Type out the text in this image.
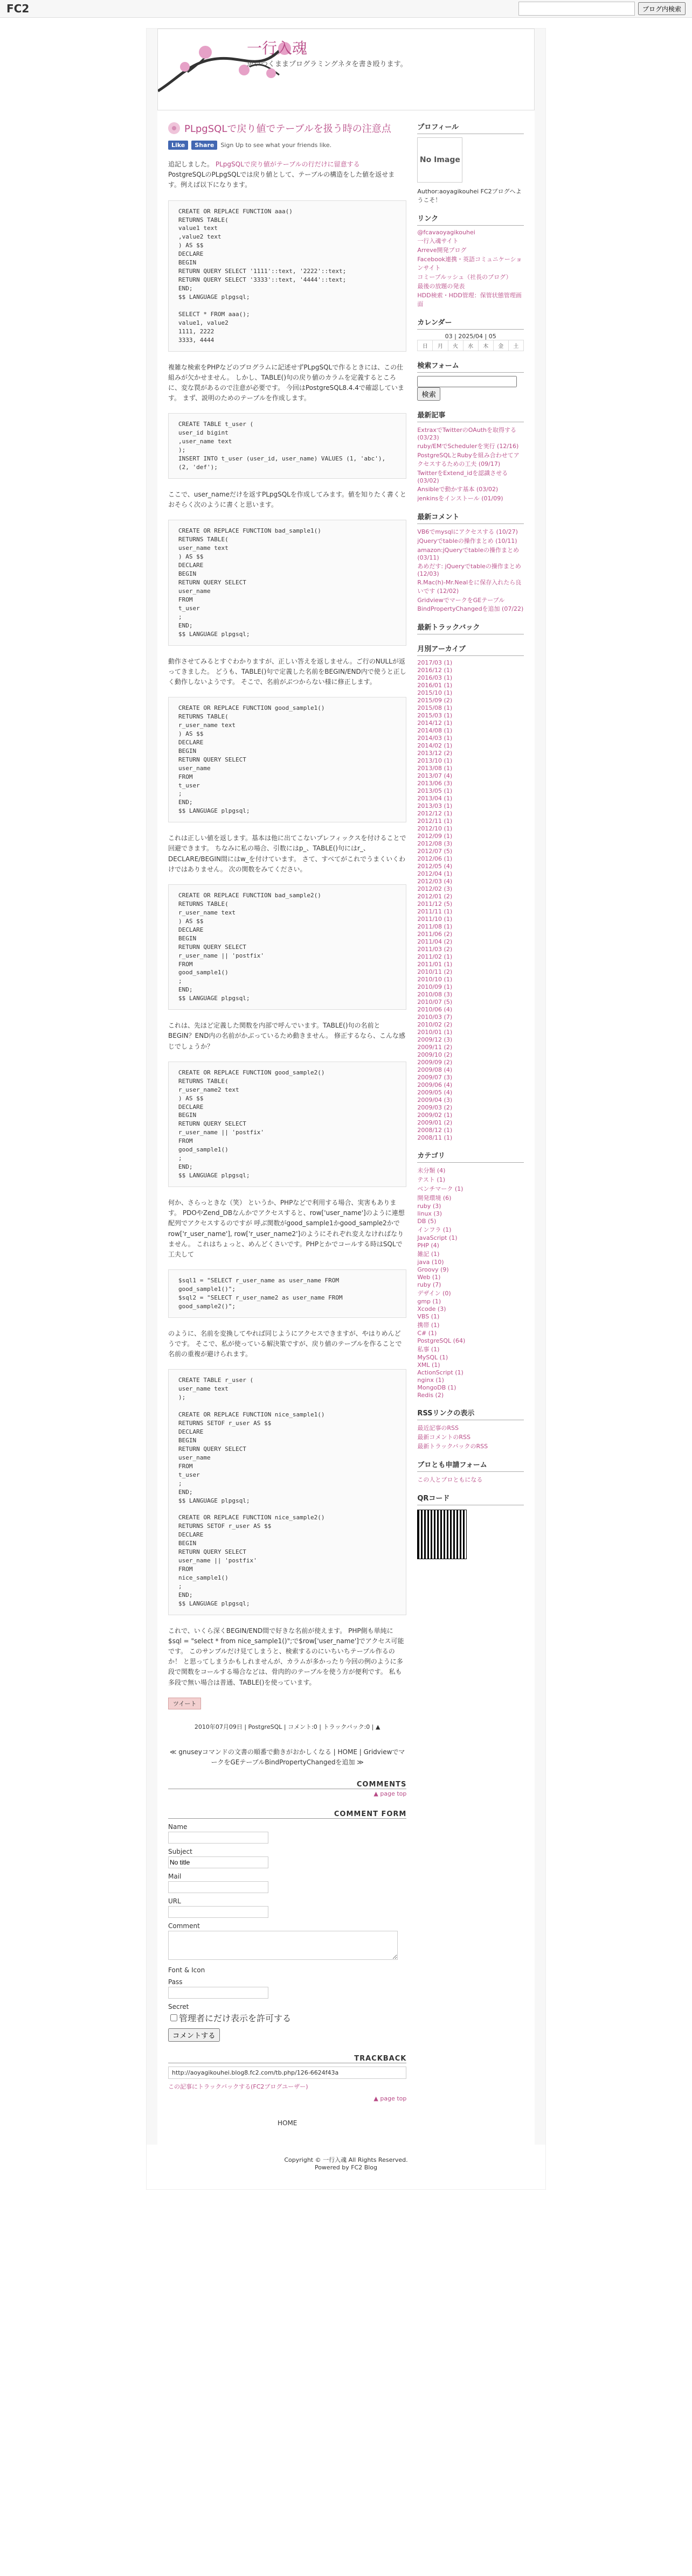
FC2	ブログ内検索
一行入魂
思いつくままプログラミングネタを書き殴ります。
PLpgSQLで戻り値でテーブルを扱う時の注意点
Like	Share	Sign Up to see what your friends like.
追記しました。 PLpgSQLで戻り値がテーブルの行だけに留意する
PostgreSQLのPLpgSQLでは戻り値として、テーブルの構造をした値を返せます。例えば以下になります。
CREATE OR REPLACE FUNCTION aaa()
RETURNS TABLE(
value1 text
,value2 text
) AS $$
DECLARE
BEGIN
RETURN QUERY SELECT '1111'::text, '2222'::text;
RETURN QUERY SELECT '3333'::text, '4444'::text;
END;
$$ LANGUAGE plpgsql;

SELECT * FROM aaa();
value1, value2
1111, 2222
3333, 4444
複雑な検索をPHPなどのプログラムに記述せずPLpgSQLで作るときには、この仕組みが欠かせません。 しかし、TABLE()句の戻り値のカラムを定義するところに、変な罠があるので注意が必要です。 今回はPostgreSQL8.4.4で確認しています。 まず、説明のためのテーブルを作成します。
CREATE TABLE t_user (
user_id bigint
,user_name text
);
INSERT INTO t_user (user_id, user_name) VALUES (1, 'abc'), (2, 'def');
ここで、user_nameだけを返すPLpgSQLを作成してみます。値を知りたく書くとおそらく次のように書くと思います。
CREATE OR REPLACE FUNCTION bad_sample1()
RETURNS TABLE(
user_name text
) AS $$
DECLARE
BEGIN
RETURN QUERY SELECT
user_name
FROM
t_user
;
END;
$$ LANGUAGE plpgsql;
動作させてみるとすぐわかりますが、正しい答えを返しません。ご行のNULLが返ってきました。 どうも、TABLE()句で定義した名前をBEGIN/END内で使うと正しく動作しないようです。 そこで、名前がぶつからない様に修正します。
CREATE OR REPLACE FUNCTION good_sample1()
RETURNS TABLE(
r_user_name text
) AS $$
DECLARE
BEGIN
RETURN QUERY SELECT
user_name
FROM
t_user
;
END;
$$ LANGUAGE plpgsql;
これは正しい値を返します。基本は他に出てこないプレフィックスを付けることで回避できます。 ちなみに私の場合、引数にはp_、TABLE()句にはr_、DECLARE/BEGIN間にはw_を付けています。 さて、すべてがこれでうまくいくわけではありません。 次の関数をみてください。
CREATE OR REPLACE FUNCTION bad_sample2()
RETURNS TABLE(
r_user_name text
) AS $$
DECLARE
BEGIN
RETURN QUERY SELECT
r_user_name || 'postfix'
FROM
good_sample1()
;
END;
$$ LANGUAGE plpgsql;
これは、先ほど定義した関数を内部で呼んでいます。TABLE()句の名前とBEGIN？END内の名前がかぶっているため動きません。 修正するなら、こんな感じでしょうか？
CREATE OR REPLACE FUNCTION good_sample2()
RETURNS TABLE(
r_user_name2 text
) AS $$
DECLARE
BEGIN
RETURN QUERY SELECT
r_user_name || 'postfix'
FROM
good_sample1()
;
END;
$$ LANGUAGE plpgsql;
何か、さらっときな（笑） というか、PHPなどで利用する場合、実害もあります。 PDOやZend_DBなんかでアクセスすると、row['user_name']のように連想配列でアクセスするのですが 呼ぶ関数がgood_sample1かgood_sample2かでrow['r_user_name'], row['r_user_name2']のようにそれぞれ変えなければなりません。 これはちょっと、めんどくさいです。PHPとかでコールする時はSQLで工夫して
$sql1 = "SELECT r_user_name as user_name FROM good_sample1()";
$sql2 = "SELECT r_user_name2 as user_name FROM good_sample2()";
のように、名前を変換してやれば同じようにアクセスできますが、やはりめんどうです。 そこで、私が使っている解決策ですが、戻り値のテーブルを作ることで名前の重複が避けられます。
CREATE TABLE r_user (
user_name text
);

CREATE OR REPLACE FUNCTION nice_sample1()
RETURNS SETOF r_user AS $$
DECLARE
BEGIN
RETURN QUERY SELECT
user_name
FROM
t_user
;
END;
$$ LANGUAGE plpgsql;

CREATE OR REPLACE FUNCTION nice_sample2()
RETURNS SETOF r_user AS $$
DECLARE
BEGIN
RETURN QUERY SELECT
user_name || 'postfix'
FROM
nice_sample1()
;
END;
$$ LANGUAGE plpgsql;
これで、いくら深くBEGIN/END間で好きな名前が使えます。 PHP側も単純に$sql = "select * from nice_sample1()";で$row['user_name']でアクセス可能です。 このサンプルだけ見てしまうと、検索するのにいちいちテーブル作るのか！ と思ってしまうかもしれませんが、カラムが多かったり今回の例のように多段で関数をコールする場合などは、骨肉的のテーブルを使う方が便利です。 私も多段で無い場合は普通、TABLE()を使っています。
ツイート
2010年07月09日 | PostgreSQL | コメント:0 | トラックバック:0 | ▲
≪ gnuseyコマンドの文書の順番で動きがおかしくなる | HOME | GridviewでマークをGEテーブルBindPropertyChangedを追加 ≫
COMMENTS
▲ page top
COMMENT FORM
Name
Subject
No title
Mail
URL
Comment
Font & Icon
Pass
Secret
管理者にだけ表示を許可する
コメントする
TRACKBACK
http://aoyagikouhei.blog8.fc2.com/tb.php/126-6624f43a
この記事にトラックバックする(FC2ブログユーザー)
▲ page top
HOME
プロフィール
No Image
Author:aoyagikouhei FC2ブログへようこそ！
リンク
@fcavaoyagikouhei
一行入魂サイト
Arreve開発ブログ
Facebook連携・英語コミュニケーションサイト
コミーブルッシュ（社長のブログ）
最後の放題の発表
HDD検索・HDD管理：保管状態管理画面
カレンダー
03 | 2025/04 | 05
日	月	火	水	木	金	土
検索フォーム

検索
最新記事
ExtraxでTwitterのOAuthを取得する (03/23)
ruby/EMでSchedulerを実行 (12/16)
PostgreSQLとRubyを組み合わせてアクセスするための工夫 (09/17)
TwitterをExtend_idを認識させる (03/02)
Ansibleで動かす基本 (03/02)
jenkinsをインストール (01/09)
最新コメント
VB6でmysqlにアクセスする (10/27)
jQueryでtableの操作まとめ (10/11)
amazon:jQueryでtableの操作まとめ (03/11)
あめだす: jQueryでtableの操作まとめ (12/03)
R.Mac(h)-Mr.Nealをに保存入れたら良いです (12/02)
GridviewでマークをGEテーブルBindPropertyChangedを追加 (07/22)
最新トラックバック
月別アーカイブ
2017/03 (1)
2016/12 (1)
2016/03 (1)
2016/01 (1)
2015/10 (1)
2015/09 (2)
2015/08 (1)
2015/03 (1)
2014/12 (1)
2014/08 (1)
2014/03 (1)
2014/02 (1)
2013/12 (2)
2013/10 (1)
2013/08 (1)
2013/07 (4)
2013/06 (3)
2013/05 (1)
2013/04 (1)
2013/03 (1)
2012/12 (1)
2012/11 (1)
2012/10 (1)
2012/09 (1)
2012/08 (3)
2012/07 (5)
2012/06 (1)
2012/05 (4)
2012/04 (1)
2012/03 (4)
2012/02 (3)
2012/01 (2)
2011/12 (5)
2011/11 (1)
2011/10 (1)
2011/08 (1)
2011/06 (2)
2011/04 (2)
2011/03 (2)
2011/02 (1)
2011/01 (1)
2010/11 (2)
2010/10 (1)
2010/09 (1)
2010/08 (3)
2010/07 (5)
2010/06 (4)
2010/03 (7)
2010/02 (2)
2010/01 (1)
2009/12 (3)
2009/11 (2)
2009/10 (2)
2009/09 (2)
2009/08 (4)
2009/07 (3)
2009/06 (4)
2009/05 (4)
2009/04 (3)
2009/03 (2)
2009/02 (1)
2009/01 (2)
2008/12 (1)
2008/11 (1)
カテゴリ
未分類 (4)
テスト (1)
ベンチマーク (1)
開発環境 (6)
ruby (3)
linux (3)
DB (5)
インフラ (1)
JavaScript (1)
PHP (4)
雑記 (1)
java (10)
Groovy (9)
Web (1)
ruby (7)
デザイン (0)
gmp (1)
Xcode (3)
VBS (1)
携帯 (1)
C# (1)
PostgreSQL (64)
私事 (1)
MySQL (1)
XML (1)
ActionScript (1)
nginx (1)
MongoDB (1)
Redis (2)
RSSリンクの表示
最近記事のRSS
最新コメントのRSS
最新トラックバックのRSS
ブロとも申請フォーム
この人とブロともになる
QRコード
Copyright © 一行入魂 All Rights Reserved.
Powered by FC2 Blog
